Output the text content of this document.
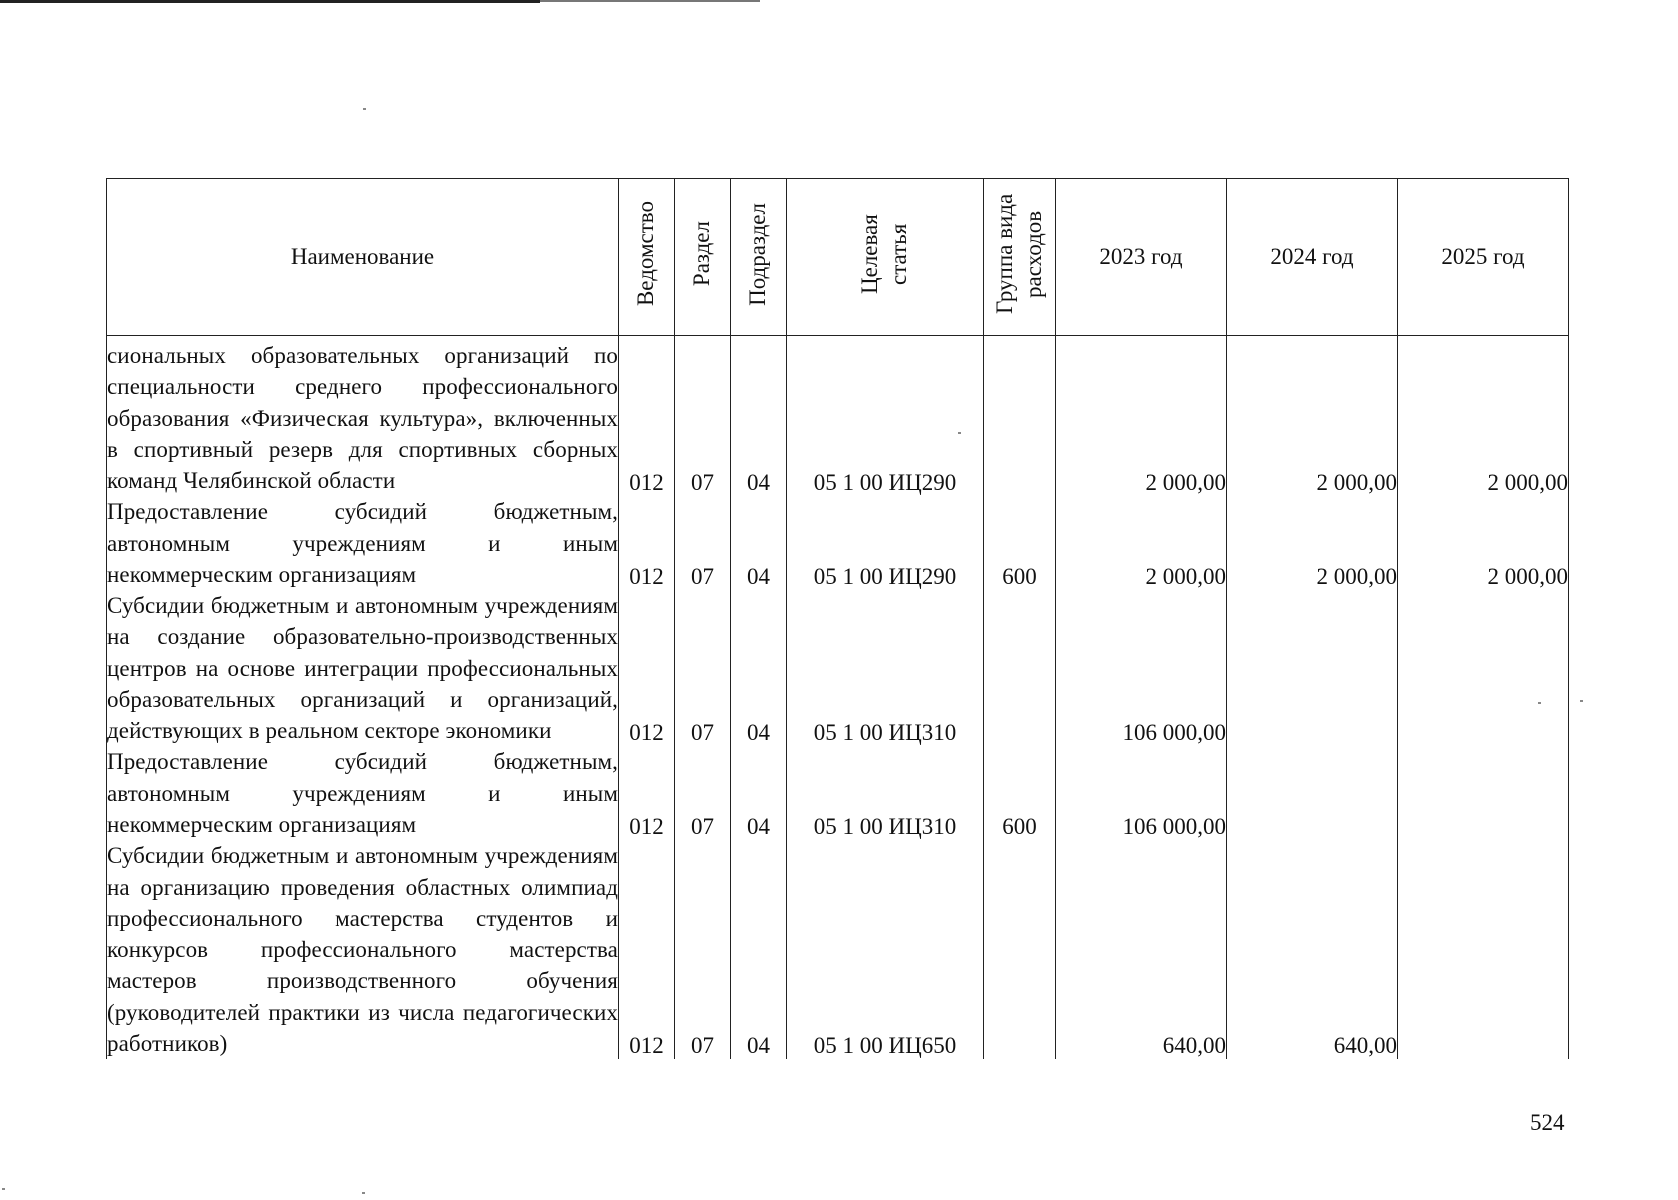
Наименование	Ведомство	Раздел	Подраздел	Целевая статья	Группа вида расходов	2023 год	2024 год	2025 год
сиональных образовательных организаций по специальности среднего профессионального образования «Физическая культура», включенных в спортивный резерв для спортивных сборных команд Челябинской области	012	07	04	05 1 00 ИЦ290		2 000,00	2 000,00	2 000,00
Предоставление субсидий бюджетным, автономным учреждениям и иным некоммерческим организациям	012	07	04	05 1 00 ИЦ290	600	2 000,00	2 000,00	2 000,00
Субсидии бюджетным и автономным учреждениям на создание образовательно-производственных центров на основе интеграции профессиональных образовательных организаций и организаций, действующих в реальном секторе экономики	012	07	04	05 1 00 ИЦ310		106 000,00		
Предоставление субсидий бюджетным, автономным учреждениям и иным некоммерческим организациям	012	07	04	05 1 00 ИЦ310	600	106 000,00		
Субсидии бюджетным и автономным учреждениям на организацию проведения областных олимпиад профессионального мастерства студентов и конкурсов профессионального мастерства мастеров производственного обучения (руководителей практики из числа педагогических работников)	012	07	04	05 1 00 ИЦ650		640,00	640,00	
524
